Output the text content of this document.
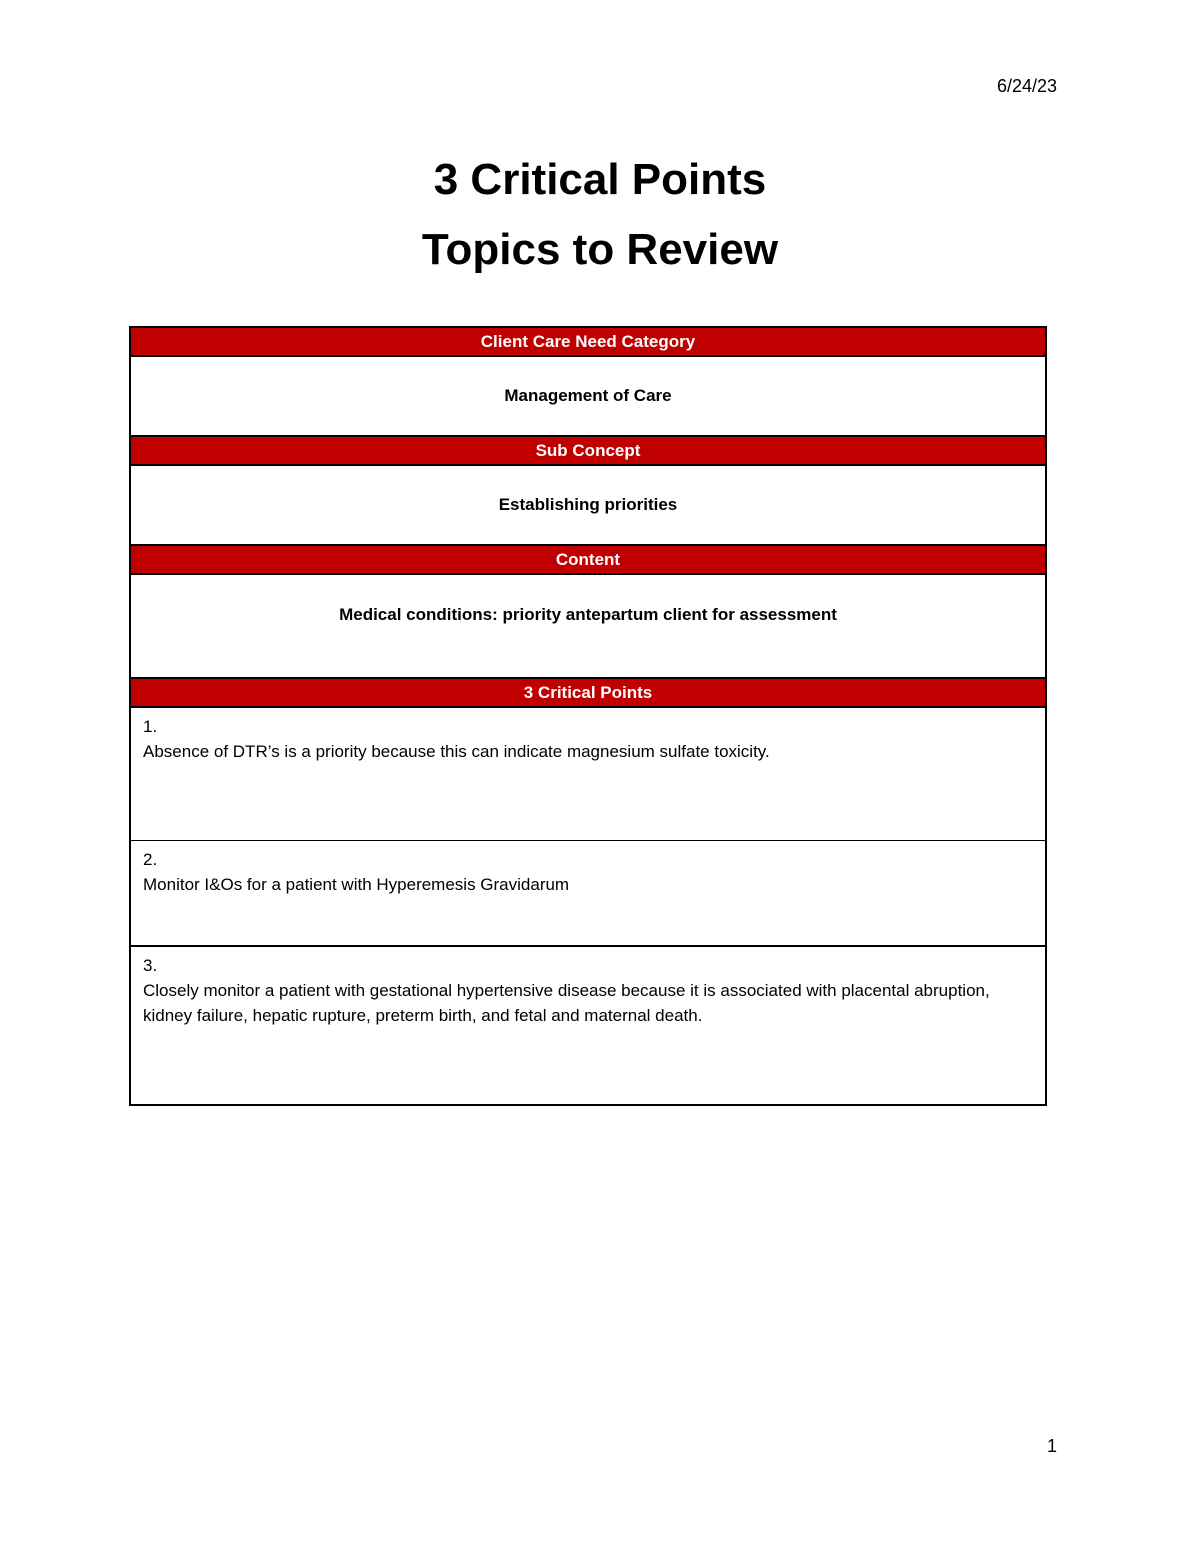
6/24/23
3 Critical Points
Topics to Review
Client Care Need Category
Management of Care
Sub Concept
Establishing priorities
Content
Medical conditions: priority antepartum client for assessment
3 Critical Points
1.
Absence of DTR’s is a priority because this can indicate magnesium sulfate toxicity.
2.
Monitor I&Os for a patient with Hyperemesis Gravidarum
3.
Closely monitor a patient with gestational hypertensive disease because it is associated with placental abruption, kidney failure, hepatic rupture, preterm birth, and fetal and maternal death.
1
